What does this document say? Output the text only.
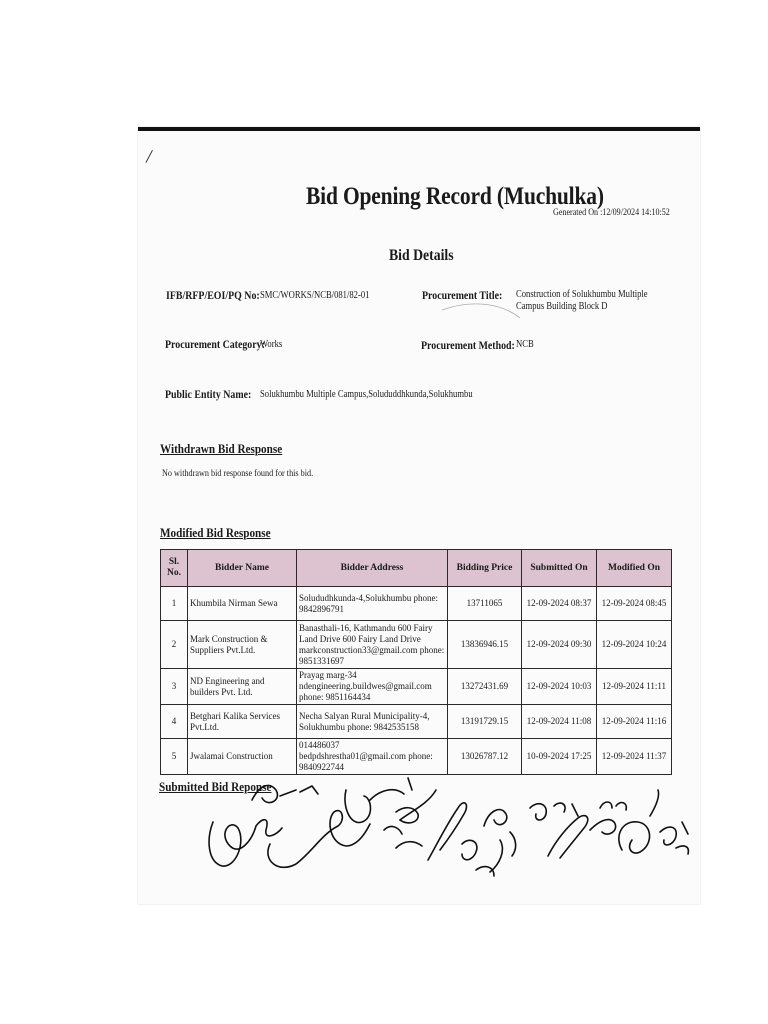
Bid Opening Record (Muchulka)
Generated On :12/09/2024 14:10:52
Bid Details
IFB/RFP/EOI/PQ No: SMC/WORKS/NCB/081/82-01	Procurement Title: Construction of Solukhumbu Multiple Campus Building Block D
Procurement Category:
Works	Procurement Method: NCB
Public Entity Name: Solukhumbu Multiple Campus,Solududdhkunda,Solukhumbu
Withdrawn Bid Response
No withdrawn bid response found for this bid.
Modified Bid Response
Sl. No.	Bidder Name	Bidder Address	Bidding Price	Submitted On	Modified On
1	Khumbila Nirman Sewa	Solududhkunda-4,Solukhumbu phone: 9842896791	13711065	12-09-2024 08:37	12-09-2024 08:45
2	Mark Construction & Suppliers Pvt.Ltd.	Banasthali-16, Kathmandu 600 Fairy Land Drive 600 Fairy Land Drive markconstruction33@gmail.com phone: 9851331697	13836946.15	12-09-2024 09:30	12-09-2024 10:24
3	ND Engineering and builders Pvt. Ltd.	Prayag marg-34 ndengineering.buildwes@gmail.com phone: 9851164434	13272431.69	12-09-2024 10:03	12-09-2024 11:11
4	Betghari Kalika Services Pvt.Ltd.	Necha Salyan Rural Municipality-4, Solukhumbu phone: 9842535158	13191729.15	12-09-2024 11:08	12-09-2024 11:16
5	Jwalamai Construction	014486037 bedpdshrestha01@gmail.com phone: 9840922744	13026787.12	10-09-2024 17:25	12-09-2024 11:37
Submitted Bid Reponse
